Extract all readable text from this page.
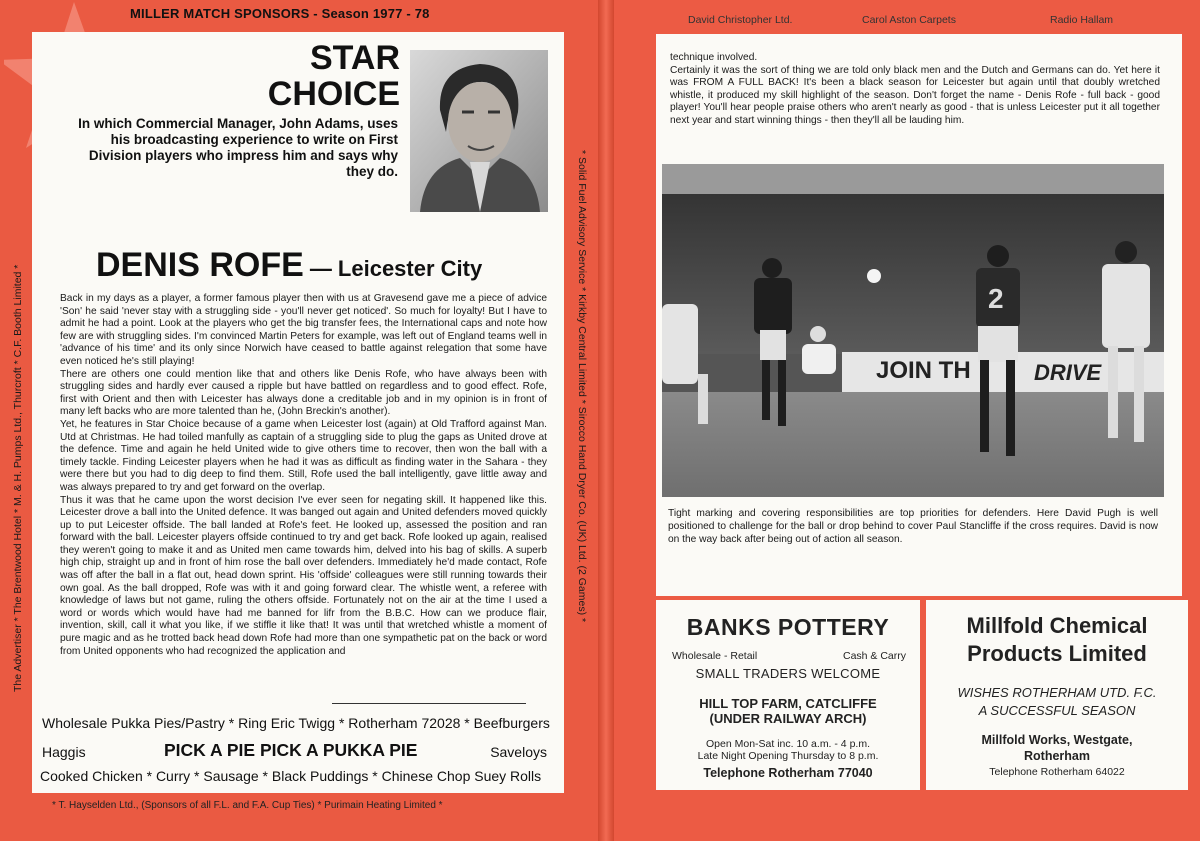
MILLER MATCH SPONSORS - Season 1977 - 78
STAR
CHOICE
In which Commercial Manager, John Adams, uses his broadcasting experience to write on First Division players who impress him and says why they do.
DENIS ROFE — Leicester City

Back in my days as a player, a former famous player then with us at Gravesend gave me a piece of advice 'Son' he said 'never stay with a struggling side - you'll never get noticed'. So much for loyalty! But I have to admit he had a point. Look at the players who get the big transfer fees, the International caps and note how few are with struggling sides. I'm convinced Martin Peters for example, was left out of England teams well in 'advance of his time' and its only since Norwich have ceased to battle against relegation that some have even noticed he's still playing!

There are others one could mention like that and others like Denis Rofe, who have always been with struggling sides and hardly ever caused a ripple but have battled on regardless and to good effect. Rofe, first with Orient and then with Leicester has always done a creditable job and in my opinion is in front of many left backs who are more talented than he, (John Breckin's another).

Yet, he features in Star Choice because of a game when Leicester lost (again) at Old Trafford against Man. Utd at Christmas. He had toiled manfully as captain of a struggling side to plug the gaps as United drove at the defence. Time and again he held United wide to give others time to recover, then won the ball with a timely tackle. Finding Leicester players when he had it was as difficult as finding water in the Sahara - they were there but you had to dig deep to find them. Still, Rofe used the ball intelligently, gave little away and was always prepared to try and get forward on the overlap.

Thus it was that he came upon the worst decision I've ever seen for negating skill. It happened like this. Leicester drove a ball into the United defence. It was banged out again and United defenders moved quickly up to put Leicester offside. The ball landed at Rofe's feet. He looked up, assessed the position and ran forward with the ball. Leicester players offside continued to try and get back. Rofe looked up again, realised they weren't going to make it and as United men came towards him, delved into his bag of skills. A superb high chip, straight up and in front of him rose the ball over defenders. Immediately he'd made contact, Rofe was off after the ball in a flat out, head down sprint. His 'offside' colleagues were still running towards their own goal. As the ball dropped, Rofe was with it and going forward clear. The whistle went, a referee with knowledge of laws but not game, ruling the others offside. Fortunately not on the air at the time I used a word or words which would have had me banned for lifr from the B.B.C. How can we produce flair, invention, skill, call it what you like, if we stiffle it like that! It was until that wretched whistle a moment of pure magic and as he trotted back head down Rofe had more than one sympathetic pat on the back or word from United opponents who had recognized the application and

Wholesale Pukka Pies/Pastry * Ring Eric Twigg * Rotherham 72028 * Beefburgers
Haggis	PICK A PIE PICK A PUKKA PIE	Saveloys
Cooked Chicken * Curry * Sausage * Black Puddings * Chinese Chop Suey Rolls
* T. Hayselden Ltd., (Sponsors of all F.L. and F.A. Cup Ties) * Purimain Heating Limited *
The Advertiser * The Brentwood Hotel * M. & H. Pumps Ltd., Thurcroft * C.F. Booth Limited *	* Solid Fuel Advisory Service * Kirkby Central Limited * Sirocco Hand Dryer Co. (UK) Ltd. (2 Games) *
David Christopher Ltd.	Carol Aston Carpets	Radio Hallam
technique involved.
Certainly it was the sort of thing we are told only black men and the Dutch and Germans can do. Yet here it was FROM A FULL BACK! It's been a black season for Leicester but again until that doubly wretched whistle, it produced my skill highlight of the season. Don't forget the name - Denis Rofe - full back - good player! You'll hear people praise others who aren't nearly as good - that is unless Leicester put it all together next year and start winning things - then they'll all be lauding him.
JOIN TH	DRIVE
2
Tight marking and covering responsibilities are top priorities for defenders. Here David Pugh is well positioned to challenge for the ball or drop behind to cover Paul Stancliffe if the cross requires. David is now on the way back after being out of action all season.
BANKS POTTERY
Wholesale - Retail	Cash & Carry
SMALL TRADERS WELCOME
HILL TOP FARM, CATCLIFFE
(UNDER RAILWAY ARCH)
Open Mon-Sat inc. 10 a.m. - 4 p.m.
Late Night Opening Thursday to 8 p.m.
Telephone Rotherham 77040
Millfold Chemical
Products Limited
WISHES ROTHERHAM UTD. F.C.
A SUCCESSFUL SEASON
Millfold Works, Westgate,
Rotherham
Telephone Rotherham 64022
